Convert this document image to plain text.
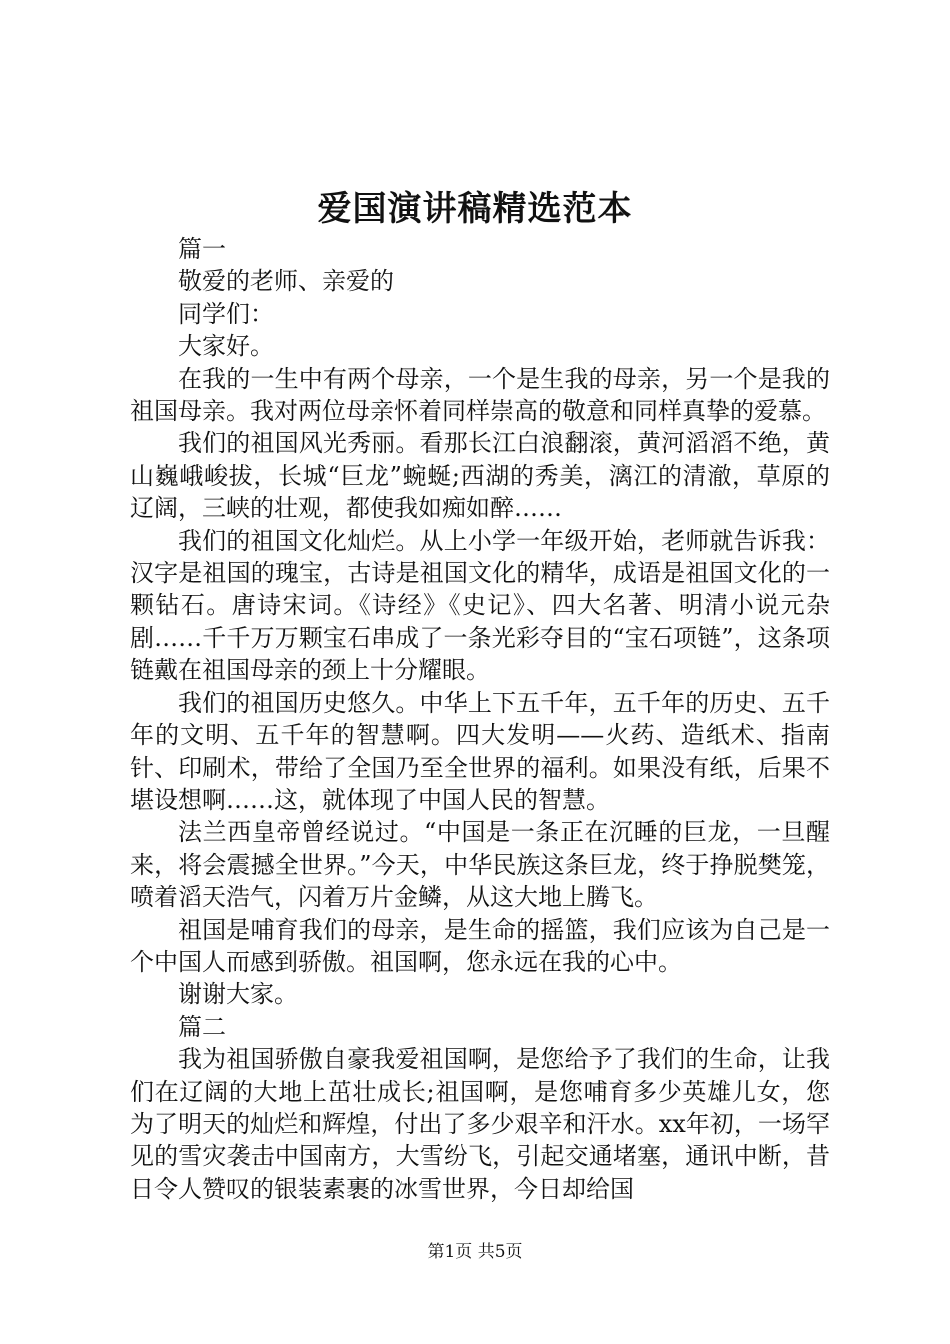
爱国演讲稿精选范本

篇一

敬爱的老师、亲爱的

同学们：

大家好。

在我的一生中有两个母亲，一个是生我的母亲，另一个是我的祖国母亲。我对两位母亲怀着同样崇高的敬意和同样真挚的爱慕。

我们的祖国风光秀丽。看那长江白浪翻滚，黄河滔滔不绝，黄山巍峨峻拔，长城“巨龙”蜿蜒;西湖的秀美，漓江的清澈，草原的辽阔，三峡的壮观，都使我如痴如醉……

我们的祖国文化灿烂。从上小学一年级开始，老师就告诉我：汉字是祖国的瑰宝，古诗是祖国文化的精华，成语是祖国文化的一颗钻石。唐诗宋词。《诗经》《史记》、四大名著、明清小说元杂剧……千千万万颗宝石串成了一条光彩夺目的“宝石项链”，这条项链戴在祖国母亲的颈上十分耀眼。

我们的祖国历史悠久。中华上下五千年，五千年的历史、五千年的文明、五千年的智慧啊。四大发明——火药、造纸术、指南针、印刷术，带给了全国乃至全世界的福利。如果没有纸，后果不堪设想啊……这，就体现了中国人民的智慧。

法兰西皇帝曾经说过。“中国是一条正在沉睡的巨龙，一旦醒来，将会震撼全世界。”今天，中华民族这条巨龙，终于挣脱樊笼，喷着滔天浩气，闪着万片金鳞，从这大地上腾飞。

祖国是哺育我们的母亲，是生命的摇篮，我们应该为自己是一个中国人而感到骄傲。祖国啊，您永远在我的心中。

谢谢大家。

篇二

我为祖国骄傲自豪我爱祖国啊，是您给予了我们的生命，让我们在辽阔的大地上茁壮成长;祖国啊，是您哺育多少英雄儿女，您为了明天的灿烂和辉煌，付出了多少艰辛和汗水。xx年初，一场罕见的雪灾袭击中国南方，大雪纷飞，引起交通堵塞，通讯中断，昔日令人赞叹的银装素裹的冰雪世界，今日却给国

第1页 共5页
